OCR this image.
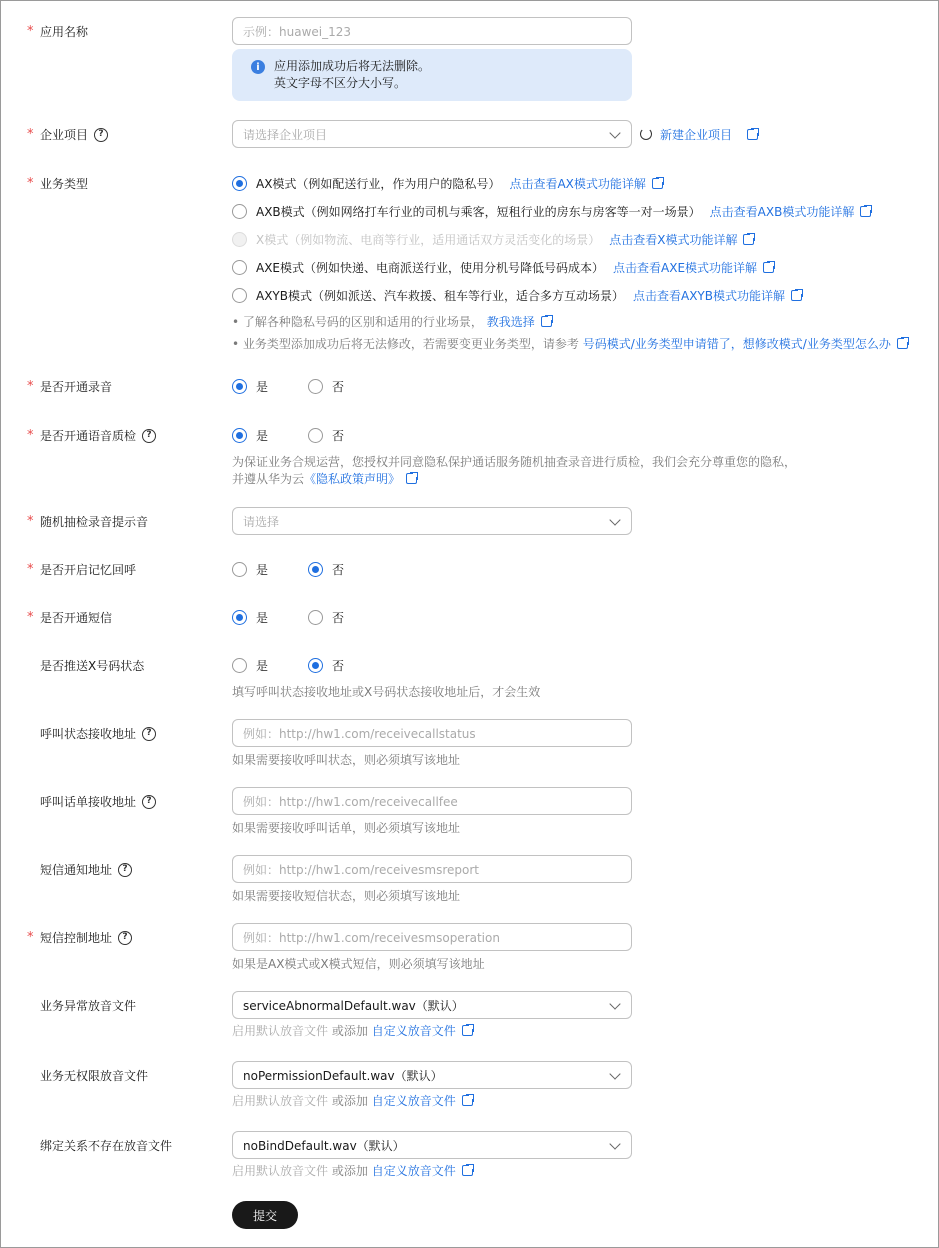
* 应用名称	示例：huawei_123
i	应用添加成功后将无法删除。
英文字母不区分大小写。
* 企业项目	?	请选择企业项目	新建企业项目
* 业务类型	AX模式（例如配送行业，作为用户的隐私号） 点击查看AX模式功能详解
AXB模式（例如网络打车行业的司机与乘客，短租行业的房东与房客等一对一场景） 点击查看AXB模式功能详解
X模式（例如物流、电商等行业，适用通话双方灵活变化的场景） 点击查看X模式功能详解
AXE模式（例如快递、电商派送行业，使用分机号降低号码成本） 点击查看AXE模式功能详解
AXYB模式（例如派送、汽车救援、租车等行业，适合多方互动场景） 点击查看AXYB模式功能详解
• 了解各种隐私号码的区别和适用的行业场景， 教我选择
• 业务类型添加成功后将无法修改，若需要变更业务类型，请参考 号码模式/业务类型申请错了，想修改模式/业务类型怎么办
* 是否开通录音	是	否
* 是否开通语音质检	?	是	否
为保证业务合规运营，您授权并同意隐私保护通话服务随机抽查录音进行质检，我们会充分尊重您的隐私，
并遵从华为云《隐私政策声明》
* 随机抽检录音提示音	请选择
* 是否开启记忆回呼	是	否
* 是否开通短信	是	否
是否推送X号码状态	是	否
填写呼叫状态接收地址或X号码状态接收地址后，才会生效
呼叫状态接收地址	?	例如：http://hw1.com/receivecallstatus
如果需要接收呼叫状态，则必须填写该地址
呼叫话单接收地址	?	例如：http://hw1.com/receivecallfee
如果需要接收呼叫话单，则必须填写该地址
短信通知地址	?	例如：http://hw1.com/receivesmsreport
如果需要接收短信状态，则必须填写该地址
* 短信控制地址	?	例如：http://hw1.com/receivesmsoperation
如果是AX模式或X模式短信，则必须填写该地址
业务异常放音文件	serviceAbnormalDefault.wav（默认）
启用默认放音文件 或添加 自定义放音文件
业务无权限放音文件	noPermissionDefault.wav（默认）
启用默认放音文件 或添加 自定义放音文件
绑定关系不存在放音文件	noBindDefault.wav（默认）
启用默认放音文件 或添加 自定义放音文件
提交
